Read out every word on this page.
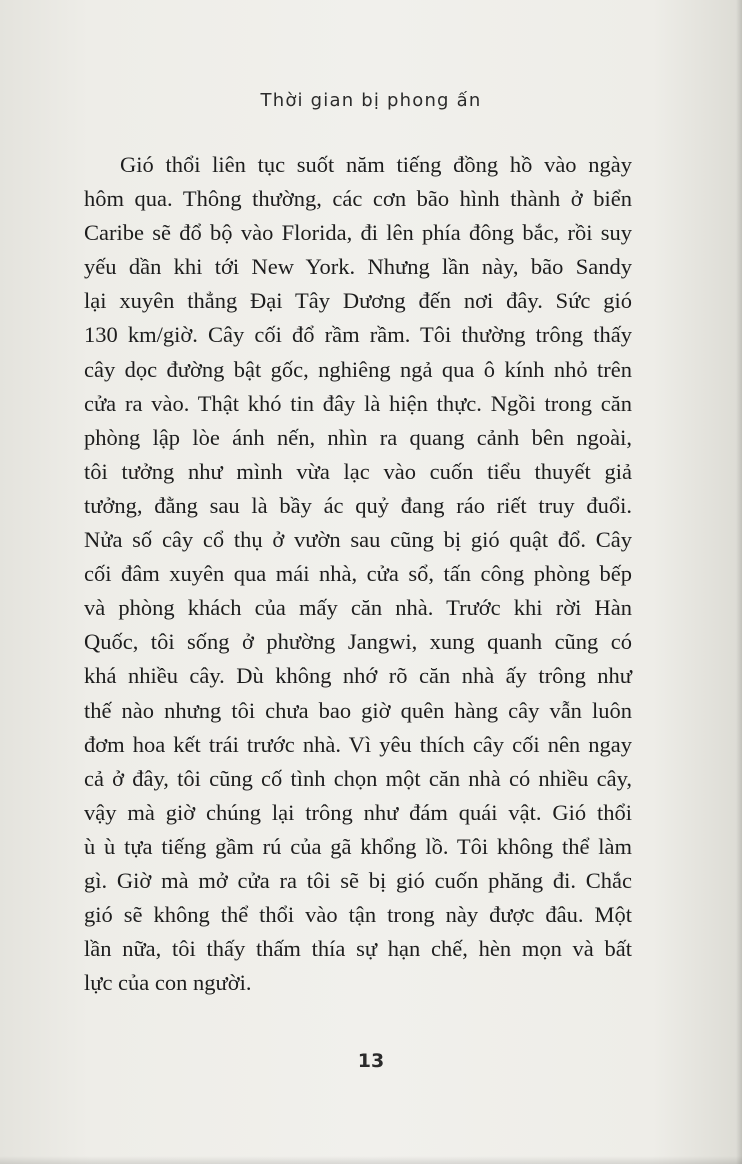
Thời gian bị phong ấn

Gió thổi liên tục suốt năm tiếng đồng hồ vào ngày
hôm qua. Thông thường, các cơn bão hình thành ở biển
Caribe sẽ đổ bộ vào Florida, đi lên phía đông bắc, rồi suy
yếu dần khi tới New York. Nhưng lần này, bão Sandy
lại xuyên thẳng Đại Tây Dương đến nơi đây. Sức gió
130 km/giờ. Cây cối đổ rầm rầm. Tôi thường trông thấy
cây dọc đường bật gốc, nghiêng ngả qua ô kính nhỏ trên
cửa ra vào. Thật khó tin đây là hiện thực. Ngồi trong căn
phòng lập lòe ánh nến, nhìn ra quang cảnh bên ngoài,
tôi tưởng như mình vừa lạc vào cuốn tiểu thuyết giả
tưởng, đằng sau là bầy ác quỷ đang ráo riết truy đuổi.
Nửa số cây cổ thụ ở vườn sau cũng bị gió quật đổ. Cây
cối đâm xuyên qua mái nhà, cửa sổ, tấn công phòng bếp
và phòng khách của mấy căn nhà. Trước khi rời Hàn
Quốc, tôi sống ở phường Jangwi, xung quanh cũng có
khá nhiều cây. Dù không nhớ rõ căn nhà ấy trông như
thế nào nhưng tôi chưa bao giờ quên hàng cây vẫn luôn
đơm hoa kết trái trước nhà. Vì yêu thích cây cối nên ngay
cả ở đây, tôi cũng cố tình chọn một căn nhà có nhiều cây,
vậy mà giờ chúng lại trông như đám quái vật. Gió thổi
ù ù tựa tiếng gầm rú của gã khổng lồ. Tôi không thể làm
gì. Giờ mà mở cửa ra tôi sẽ bị gió cuốn phăng đi. Chắc
gió sẽ không thể thổi vào tận trong này được đâu. Một
lần nữa, tôi thấy thấm thía sự hạn chế, hèn mọn và bất
lực của con người.

13
